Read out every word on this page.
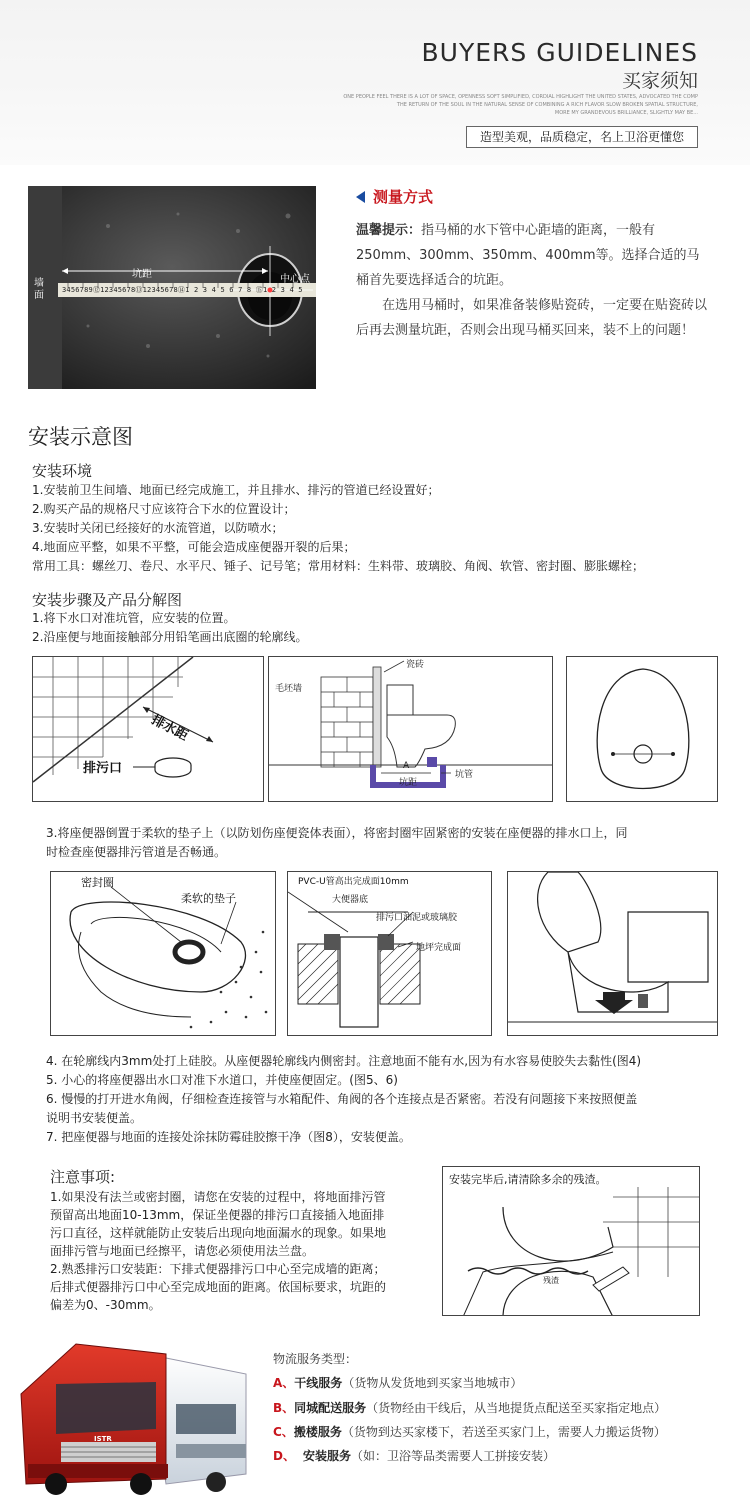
BUYERS GUIDELINES
买家须知
ONE PEOPLE FEEL THERE IS A LOT OF SPACE, OPENNESS SOFT SIMPLIFIED, CORDIAL HIGHLIGHT THE UNITED STATES, ADVOCATED THE COMP
THE RETURN OF THE SOUL IN THE NATURAL SENSE OF COMBINING A RICH FLAVOR SLOW BROKEN SPATIAL STRUCTURE,
MORE MY GRANDEVOUS BRILLIANCE, SLIGHTLY MAY BE...
造型美观，品质稳定，名上卫浴更懂您
坑距	中心点
墙面	3456789⑫12345678⑬12345678⑭1 2 3 4 5 6 7 8 ⑮1 2 3 4 5
测量方式
温馨提示：指马桶的水下管中心距墙的距离，一般有250mm、300mm、350mm、400mm等。选择合适的马桶首先要选择适合的坑距。
在选用马桶时，如果准备装修贴瓷砖，一定要在贴瓷砖以后再去测量坑距，否则会出现马桶买回来，装不上的问题！
安装示意图
安装环境
1.安装前卫生间墙、地面已经完成施工，并且排水、排污的管道已经设置好；
2.购买产品的规格尺寸应该符合下水的位置设计；
3.安装时关闭已经接好的水流管道，以防喷水；
4.地面应平整，如果不平整，可能会造成座便器开裂的后果；
常用工具：螺丝刀、卷尺、水平尺、锤子、记号笔；常用材料：生料带、玻璃胶、角阀、软管、密封圈、膨胀螺栓；
安装步骤及产品分解图
1.将下水口对准坑管，应安装的位置。
2.沿座便与地面接触部分用铅笔画出底圈的轮廓线。
排水距
排污口
瓷砖
毛坯墙
A
坑距
坑管
3.将座便器倒置于柔软的垫子上（以防划伤座便瓷体表面），将密封圈牢固紧密的安装在座便器的排水口上，同
时检查座便器排污管道是否畅通。
密封圈
柔软的垫子
PVC-U管高出完成面10mm
大便器底
排污口油泥或玻璃胶
地坪完成面
4. 在轮廓线内3mm处打上硅胶。从座便器轮廓线内侧密封。注意地面不能有水,因为有水容易使胶失去黏性(图4)
5. 小心的将座便器出水口对准下水道口，并使座便固定。(图5、6)
6. 慢慢的打开进水角阀，仔细检查连接管与水箱配件、角阀的各个连接点是否紧密。若没有问题接下来按照便盖
说明书安装便盖。
7. 把座便器与地面的连接处涂抹防霉硅胶擦干净（图8），安装便盖。
注意事项:
1.如果没有法兰或密封圈，请您在安装的过程中，将地面排污管
预留高出地面10-13mm，保证坐便器的排污口直接插入地面排
污口直径，这样就能防止安装后出现向地面漏水的现象。如果地
面排污管与地面已经擦平，请您必须使用法兰盘。
2.熟悉排污口安装距：下排式便器排污口中心至完成墙的距离；
后排式便器排污口中心至完成地面的距离。依国标要求，坑距的
偏差为0、-30mm。
安装完毕后,请清除多余的残渣。
残渣
ISTR
物流服务类型：
A、干线服务（货物从发货地到买家当地城市）
B、同城配送服务（货物经由干线后，从当地提货点配送至买家指定地点）
C、搬楼服务（货物到达买家楼下，若送至买家门上，需要人力搬运货物）
D、 安装服务（如：卫浴等品类需要人工拼接安装）
